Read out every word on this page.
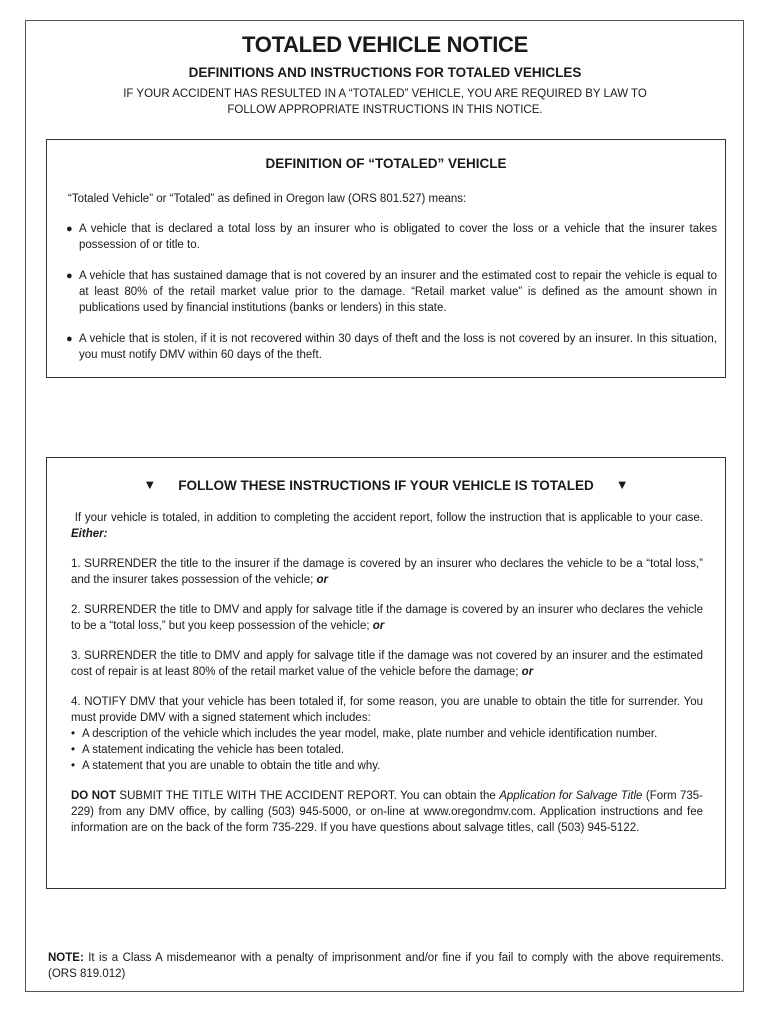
TOTALED VEHICLE NOTICE
DEFINITIONS AND INSTRUCTIONS FOR TOTALED VEHICLES
IF YOUR ACCIDENT HAS RESULTED IN A “TOTALED” VEHICLE, YOU ARE REQUIRED BY LAW TO
FOLLOW APPROPRIATE INSTRUCTIONS IN THIS NOTICE.
DEFINITION OF “TOTALED” VEHICLE
“Totaled Vehicle” or “Totaled” as defined in Oregon law (ORS 801.527) means:
● A vehicle that is declared a total loss by an insurer who is obligated to cover the loss or a vehicle that the insurer takes possession of or title to.
● A vehicle that has sustained damage that is not covered by an insurer and the estimated cost to repair the vehicle is equal to at least 80% of the retail market value prior to the damage. “Retail market value” is defined as the amount shown in publications used by financial institutions (banks or lenders) in this state.
● A vehicle that is stolen, if it is not recovered within 30 days of theft and the loss is not covered by an insurer. In this situation, you must notify DMV within 60 days of the theft.
▼ FOLLOW THESE INSTRUCTIONS IF YOUR VEHICLE IS TOTALED ▼
If your vehicle is totaled, in addition to completing the accident report, follow the instruction that is applicable to your case. Either:
1. SURRENDER the title to the insurer if the damage is covered by an insurer who declares the vehicle to be a “total loss,” and the insurer takes possession of the vehicle; or
2. SURRENDER the title to DMV and apply for salvage title if the damage is covered by an insurer who declares the vehicle to be a “total loss,” but you keep possession of the vehicle; or
3. SURRENDER the title to DMV and apply for salvage title if the damage was not covered by an insurer and the estimated cost of repair is at least 80% of the retail market value of the vehicle before the damage; or
4. NOTIFY DMV that your vehicle has been totaled if, for some reason, you are unable to obtain the title for surrender. You must provide DMV with a signed statement which includes:
• A description of the vehicle which includes the year model, make, plate number and vehicle identification number.
• A statement indicating the vehicle has been totaled.
• A statement that you are unable to obtain the title and why.
DO NOT SUBMIT THE TITLE WITH THE ACCIDENT REPORT. You can obtain the Application for Salvage Title (Form 735-229) from any DMV office, by calling (503) 945-5000, or on-line at www.oregondmv.com. Application instructions and fee information are on the back of the form 735-229. If you have questions about salvage titles, call (503) 945-5122.
NOTE: It is a Class A misdemeanor with a penalty of imprisonment and/or fine if you fail to comply with the above requirements. (ORS 819.012)
